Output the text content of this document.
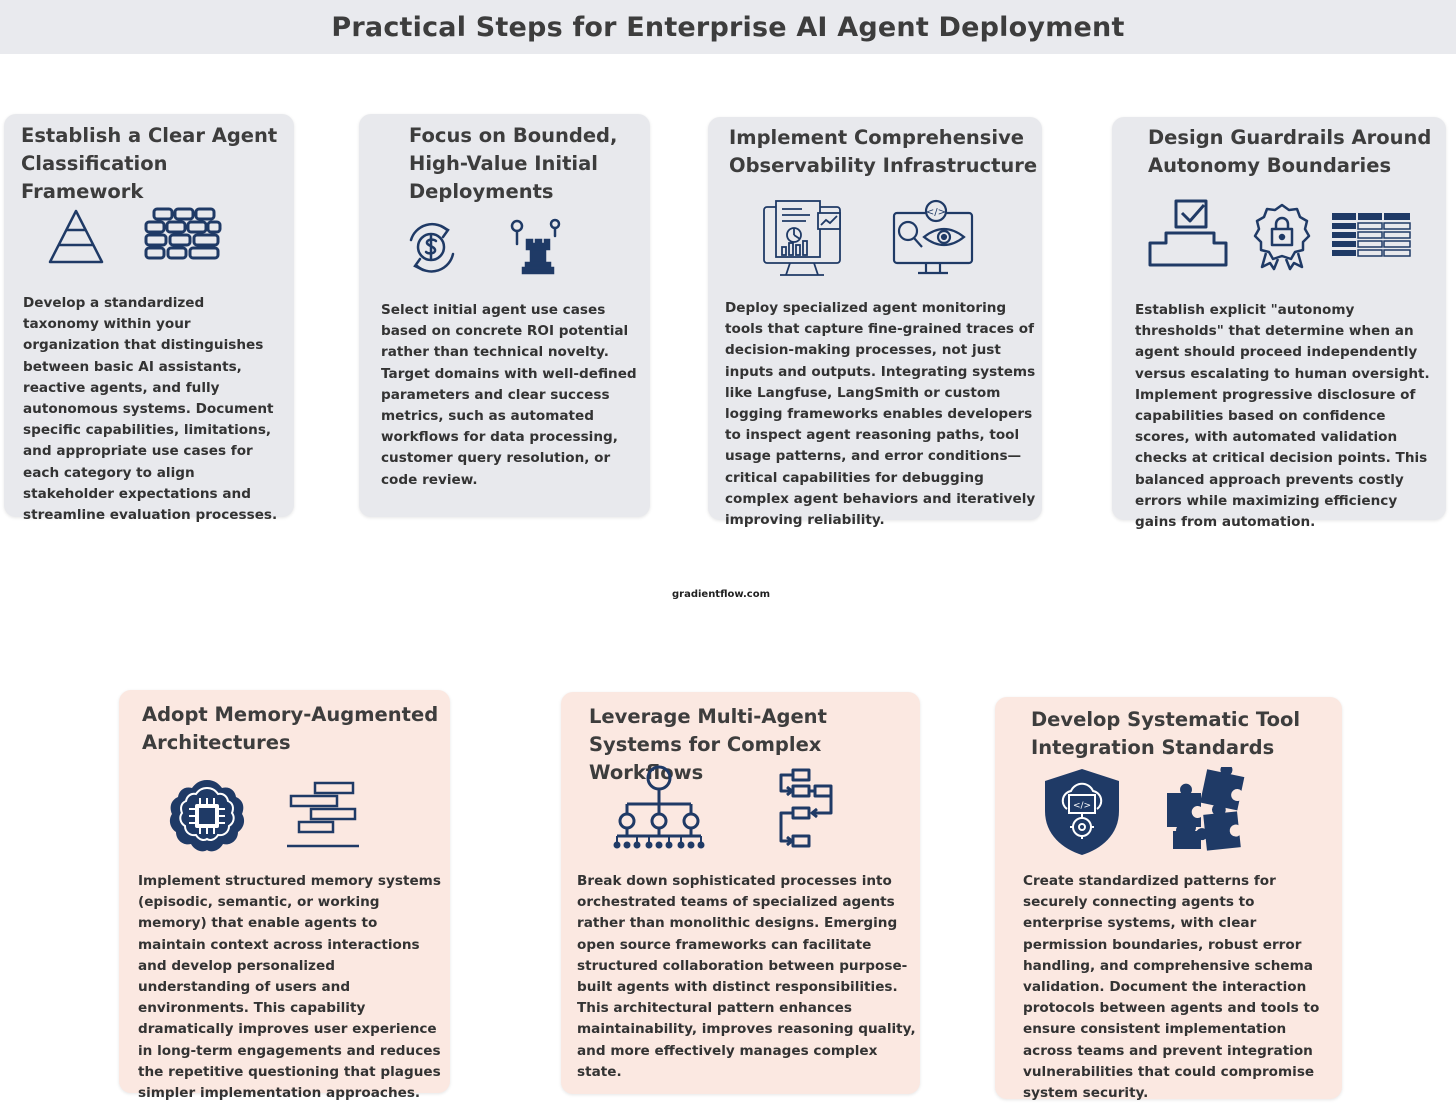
Practical Steps for Enterprise AI Agent Deployment
Establish a Clear Agent Classification Framework

Develop a standardized taxonomy within your organization that distinguishes between basic AI assistants, reactive agents, and fully autonomous systems. Document specific capabilities, limitations, and appropriate use cases for each category to align stakeholder expectations and streamline evaluation processes.

Focus on Bounded, High-Value Initial Deployments

Select initial agent use cases based on concrete ROI potential rather than technical novelty. Target domains with well-defined parameters and clear success metrics, such as automated workflows for data processing, customer query resolution, or code review.

Implement Comprehensive Observability Infrastructure
</>

Deploy specialized agent monitoring tools that capture fine-grained traces of decision-making processes, not just inputs and outputs. Integrating systems like Langfuse, LangSmith or custom logging frameworks enables developers to inspect agent reasoning paths, tool usage patterns, and error conditions—critical capabilities for debugging complex agent behaviors and iteratively improving reliability.

Design Guardrails Around Autonomy Boundaries

Establish explicit "autonomy thresholds" that determine when an agent should proceed independently versus escalating to human oversight. Implement progressive disclosure of capabilities based on confidence scores, with automated validation checks at critical decision points. This balanced approach prevents costly errors while maximizing efficiency gains from automation.

gradientflow.com
Adopt Memory-Augmented Architectures

Implement structured memory systems (episodic, semantic, or working memory) that enable agents to maintain context across interactions and develop personalized understanding of users and environments. This capability dramatically improves user experience in long-term engagements and reduces the repetitive questioning that plagues simpler implementation approaches.

Leverage Multi-Agent Systems for Complex Workflows

Break down sophisticated processes into orchestrated teams of specialized agents rather than monolithic designs. Emerging open source frameworks can facilitate structured collaboration between purpose-built agents with distinct responsibilities. This architectural pattern enhances maintainability, improves reasoning quality, and more effectively manages complex state.

Develop Systematic Tool Integration Standards
</>

Create standardized patterns for securely connecting agents to enterprise systems, with clear permission boundaries, robust error handling, and comprehensive schema validation. Document the interaction protocols between agents and tools to ensure consistent implementation across teams and prevent integration vulnerabilities that could compromise system security.
